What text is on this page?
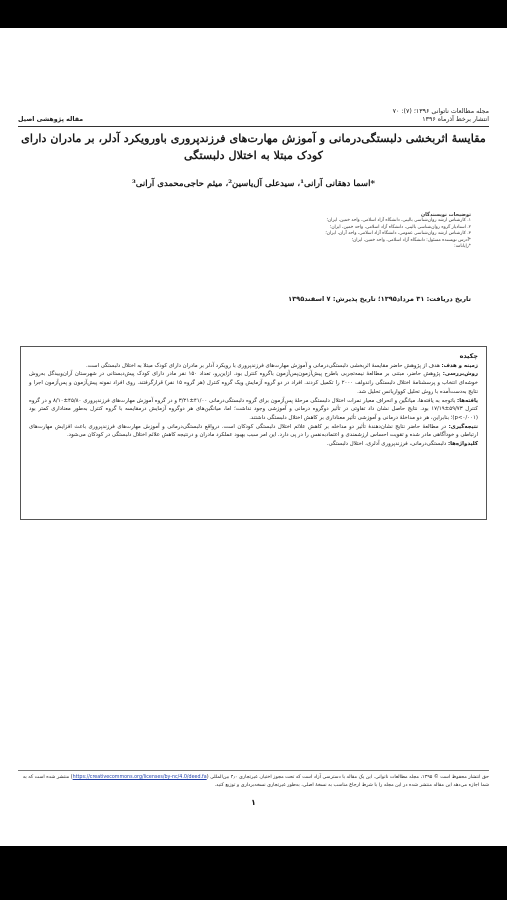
مجله مطالعات ناتوانی ۱۳۹۶؛ (۷): ۷۰
انتشار برخط آذرماه ۱۳۹۶
مقاله پژوهشی اصیل
مقایسهٔ اثربخشی دلبستگی‌درمانی و آموزش مهارت‌های فرزندپروری باورویکرد آدلر، بر مادران دارای کودک مبتلا به اختلال دلبستگی
*اسما دهقانی آرانی¹، سیدعلی آل‌یاسین²، میثم حاجی‌محمدی آرانی³
توضیحات نویسندگان
۱. کارشناس ارشد روان‌شناسی بالینی، دانشگاه آزاد اسلامی، واحد خمین، ایران؛
۲. استادیار گروه روان‌شناسی بالینی، دانشگاه آزاد اسلامی، واحد خمین، ایران؛
۳. کارشناس ارشد روان‌شناسی عمومی، دانشگاه آزاد اسلامی، واحد آران، ایران؛
*آدرس نویسنده مسئول: دانشگاه آزاد اسلامی، واحد خمین، ایران؛
*رایانامه:
تاریخ دریافت: ۳۱ مرداد۱۳۹۵؛ تاریخ پذیرش: ۷ اسفند۱۳۹۵
چکیده

زمینه و هدف: هدف از پژوهش حاضر مقایسهٔ اثربخشی دلبستگی‌درمانی و آموزش مهارت‌های فرزندپروری با رویکرد آدلر بر مادران دارای کودک مبتلا به اختلال دلبستگی است.

روش‌بررسی: پژوهش حاضر، مبتنی بر مطالعهٔ نیمه‌تجربی باطرح پیش‌آزمون‌پس‌آزمون باگروه کنترل بود. ازاین‌رو، تعداد ۱۵۰ نفر مادر دارای کودک پیش‌دبستانی در شهرستان آران‌وبیدگل به‌روش خوشه‌ای انتخاب و پرسشنامهٔ اختلال دلبستگی راندولف ۲۰۰۰ را تکمیل کردند. افراد در دو گروه آزمایش ویک گروه کنترل (هر گروه ۱۵ نفر) قرارگرفتند. روی افراد نمونه پیش‌آزمون و پس‌آزمون اجرا و نتایج به‌دست‌آمده با روش تحلیل کوواریانس تحلیل شد.

یافته‌ها: باتوجه به یافته‌ها، میانگین و انحراف معیار نمرات اختلال دلبستگی مرحلهٔ پس‌آزمون برای گروه دلبستگی‌درمانی ۴۱/۰۰±۳/۲۱ و در گروه آموزش مهارت‌های فرزندپروری ۴۵/۸۰±۸/۱۰ و در گروه کنترل ۵۹/۷۳±۱۷/۱۹ بود. نتایج حاصل نشان داد تفاوتی در تأثیر دوگروه درمانی و آموزشی وجود نداشت؛ اما، میانگین‌های هر دوگروه آزمایش درمقایسه با گروه کنترل به‌طور معناداری کمتر بود (p<۰/۰۰۱)؛ بنابراین، هر دو مداخلهٔ درمانی و آموزشی تأثیر معناداری بر کاهش اختلال دلبستگی داشتند.

نتیجه‌گیری: در مطالعهٔ حاضر نتایج نشان‌دهندهٔ تأثیر دو مداخله بر کاهش علائم اختلال دلبستگی کودکان است. درواقع دلبستگی‌درمانی و آموزش مهارت‌های فرزندپروری باعث افزایش مهارت‌های ارتباطی و خودآگاهی مادر شده و تقویت احساس ارزشمندی و اعتمادبه‌نفس را در پی دارد. این امر سبب بهبود عملکرد مادران و درنتیجه کاهش علائم اختلال دلبستگی در کودکان می‌شود.

کلیدواژه‌ها: دلبستگی‌درمانی، فرزندپروری آدلری، اختلال دلبستگی.

حق انتشار محفوظ است © ۱۳۹۵، مجله مطالعات ناتوانی. این یک مقاله با دسترسی آزاد است که تحت مجوز اختیار، غیرتجاری ۴٫۰ بین‌المللی (https://creativecommons.org/licenses/by-nc/4.0/deed.fa) منتشر شده است که به شما اجازه می‌دهد این مقاله منتشر شده در این مجله را با شرط ارجاع مناسب به نسخهٔ اصلی، به‌طور غیرتجاری نسخه‌برداری و توزیع کنید.
۱
